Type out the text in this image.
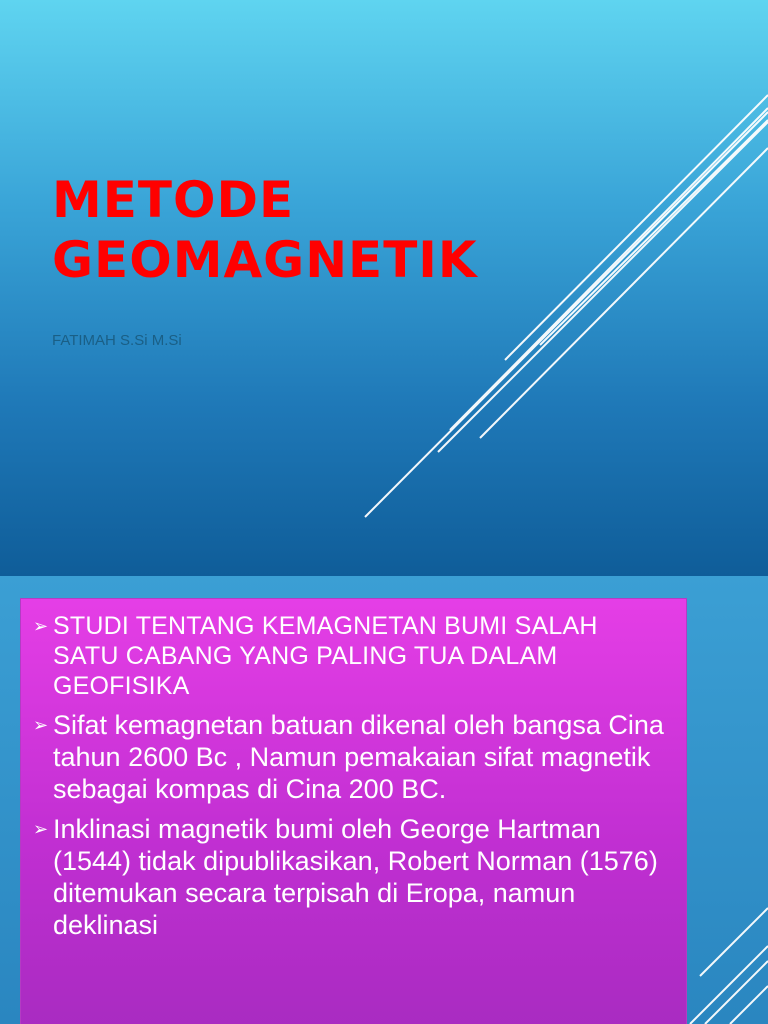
METODE
GEOMAGNETIK

FATIMAH S.Si M.Si

➢ STUDI TENTANG KEMAGNETAN BUMI SALAH SATU CABANG YANG PALING TUA DALAM GEOFISIKA
➢ Sifat kemagnetan batuan dikenal oleh bangsa Cina tahun 2600 Bc , Namun pemakaian sifat magnetik sebagai kompas di Cina 200 BC.
➢ Inklinasi magnetik bumi oleh George Hartman (1544) tidak dipublikasikan, Robert Norman (1576) ditemukan secara terpisah di Eropa, namun deklinasi
